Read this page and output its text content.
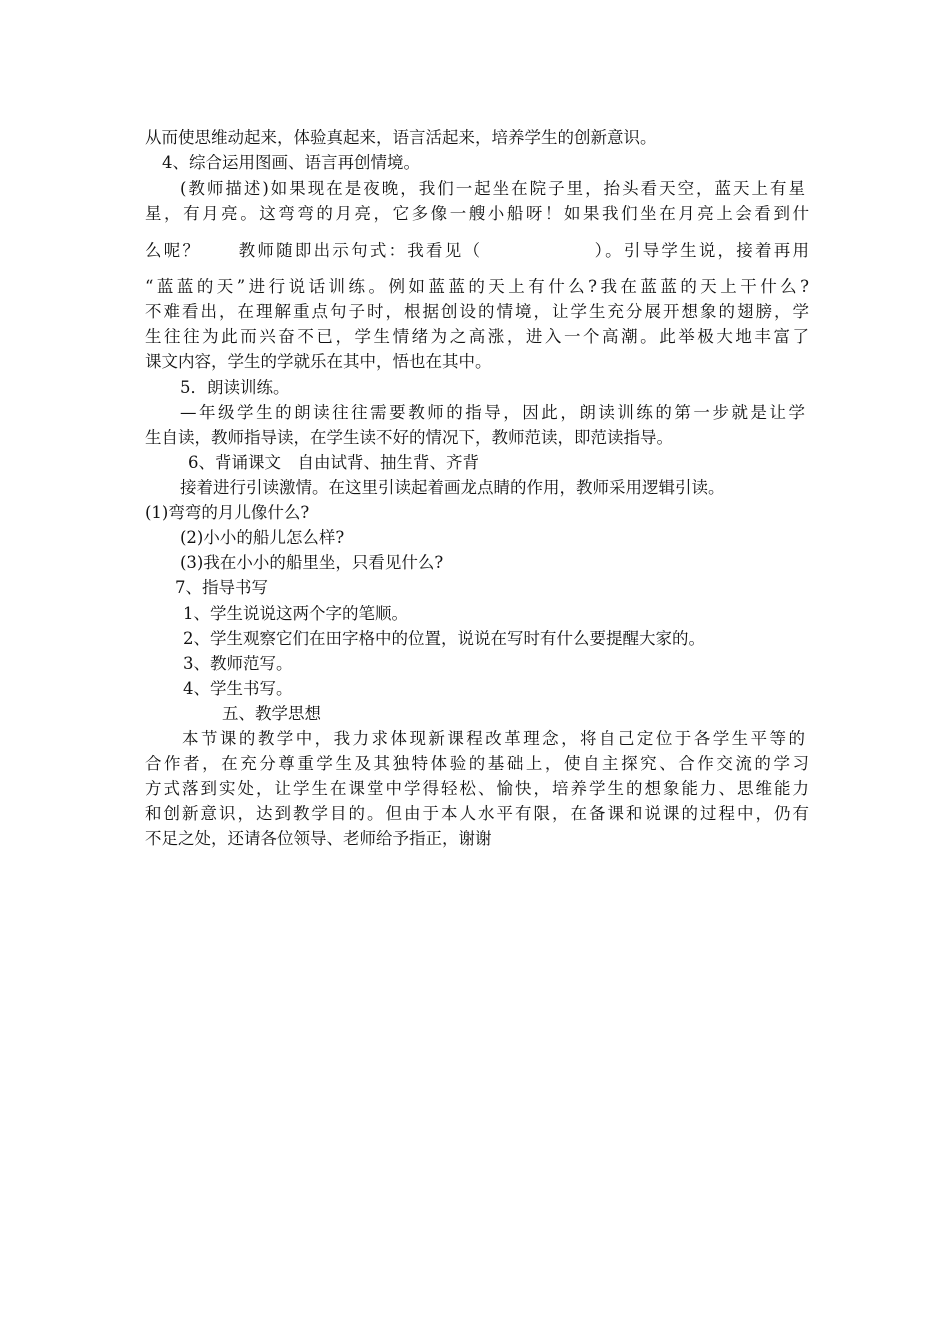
从而使思维动起来，体验真起来，语言活起来，培养学生的创新意识。
4、综合运用图画、语言再创情境。
(教师描述)如果现在是夜晚，我们一起坐在院子里，抬头看天空，蓝天上有星
星，有月亮。这弯弯的月亮，它多像一艘小船呀！如果我们坐在月亮上会看到什
么呢？　　教师随即出示句式：我看见（　　　　　　）。引导学生说，接着再用
“蓝蓝的天”进行说话训练。例如蓝蓝的天上有什么?我在蓝蓝的天上干什么?
不难看出，在理解重点句子时，根据创设的情境，让学生充分展开想象的翅膀，学
生往往为此而兴奋不已，学生情绪为之高涨，进入一个高潮。此举极大地丰富了
课文内容，学生的学就乐在其中，悟也在其中。
5．朗读训练。
—年级学生的朗读往往需要教师的指导，因此，朗读训练的第一步就是让学
生自读，教师指导读，在学生读不好的情况下，教师范读，即范读指导。
6、背诵课文　自由试背、抽生背、齐背
接着进行引读激情。在这里引读起着画龙点睛的作用，教师采用逻辑引读。
(1)弯弯的月儿像什么?
(2)小小的船儿怎么样?
(3)我在小小的船里坐，只看见什么?
7、指导书写
1、学生说说这两个字的笔顺。
2、学生观察它们在田字格中的位置，说说在写时有什么要提醒大家的。
3、教师范写。
4、学生书写。
五、教学思想
本节课的教学中，我力求体现新课程改革理念，将自己定位于各学生平等的
合作者，在充分尊重学生及其独特体验的基础上，使自主探究、合作交流的学习
方式落到实处，让学生在课堂中学得轻松、愉快，培养学生的想象能力、思维能力
和创新意识，达到教学目的。但由于本人水平有限，在备课和说课的过程中，仍有
不足之处，还请各位领导、老师给予指正，谢谢
